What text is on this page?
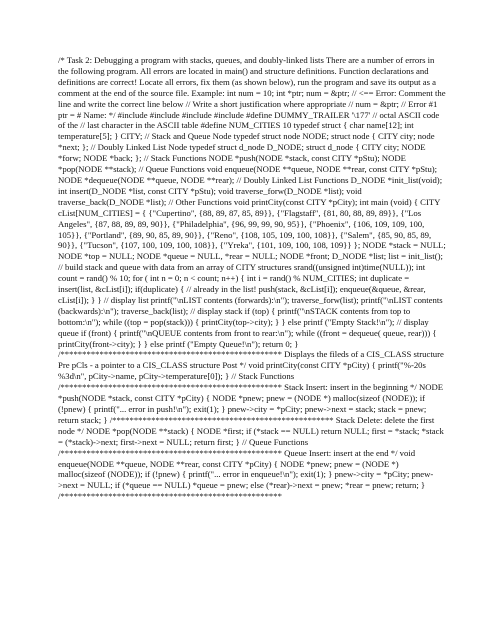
/* Task 2: Debugging a program with stacks, queues, and doubly-linked lists There are a number of errors in the following program. All errors are located in main() and structure definitions. Function declarations and definitions are correct! Locate all errors, fix them (as shown below), run the program and save its output as a comment at the end of the source file. Example: int num = 10; int *ptr; num = &ptr; // <== Error: Comment the line and write the correct line below // Write a short justification where appropriate // num = &ptr; // Error #1 ptr = # Name: */ #include #include #include #include #define DUMMY_TRAILER '\177' // octal ASCII code of the // last character in the ASCII table #define NUM_CITIES 10 typedef struct { char name[12]; int temperature[5]; } CITY; // Stack and Queue Node typedef struct node NODE; struct node { CITY city; node *next; }; // Doubly Linked List Node typedef struct d_node D_NODE; struct d_node { CITY city; NODE *forw; NODE *back; }; // Stack Functions NODE *push(NODE *stack, const CITY *pStu); NODE *pop(NODE **stack); // Queue Functions void enqueue(NODE **queue, NODE **rear, const CITY *pStu); NODE *dequeue(NODE **queue, NODE **rear); // Doubly Linked List Functions D_NODE *init_list(void); int insert(D_NODE *list, const CITY *pStu); void traverse_forw(D_NODE *list); void traverse_back(D_NODE *list); // Other Functions void printCity(const CITY *pCity); int main (void) { CITY cList[NUM_CITIES] = { {"Cupertino", {88, 89, 87, 85, 89}}, {"Flagstaff", {81, 80, 88, 89, 89}}, {"Los Angeles", {87, 88, 89, 89, 90}}, {"Philadelphia", {96, 99, 99, 90, 95}}, {"Phoenix", {106, 109, 109, 100, 105}}, {"Portland", {89, 90, 85, 89, 90}}, {"Reno", {108, 105, 109, 100, 108}}, {"Salem", {85, 90, 85, 89, 90}}, {"Tucson", {107, 100, 109, 100, 108}}, {"Yreka", {101, 109, 100, 108, 109}} }; NODE *stack = NULL; NODE *top = NULL; NODE *queue = NULL, *rear = NULL; NODE *front; D_NODE *list; list = init_list(); // build stack and queue with data from an array of CITY structures srand((unsigned int)time(NULL)); int count = rand() % 10; for ( int n = 0; n < count; n++) { int i = rand() % NUM_CITIES; int duplicate = insert(list, &cList[i]); if(duplicate) { // already in the list! push(stack, &cList[i]); enqueue(&queue, &rear, cList[i]); } } // display list printf("\nLIST contents (forwards):\n"); traverse_forw(list); printf("\nLIST contents (backwards):\n"); traverse_back(list); // display stack if (top) { printf("\nSTACK contents from top to bottom:\n"); while ((top = pop(stack))) { printCity(top->city); } } else printf ("Empty Stack!\n"); // display queue if (front) { printf("\nQUEUE contents from front to rear:\n"); while ((front = dequeue( queue, rear))) { printCity(front->city); } } else printf ("Empty Queue!\n"); return 0; } /*************************************************** Displays the fileds of a CIS_CLASS structure Pre pCls - a pointer to a CIS_CLASS structure Post */ void printCity(const CITY *pCity) { printf("%-20s %3d\n", pCity->name, pCity->temperature[0]); } // Stack Functions /*************************************************** Stack Insert: insert in the beginning */ NODE *push(NODE *stack, const CITY *pCity) { NODE *pnew; pnew = (NODE *) malloc(sizeof (NODE)); if (!pnew) { printf("... error in push!\n"); exit(1); } pnew->city = *pCity; pnew->next = stack; stack = pnew; return stack; } /*************************************************** Stack Delete: delete the first node */ NODE *pop(NODE **stack) { NODE *first; if (*stack == NULL) return NULL; first = *stack; *stack = (*stack)->next; first->next = NULL; return first; } // Queue Functions /*************************************************** Queue Insert: insert at the end */ void enqueue(NODE **queue, NODE **rear, const CITY *pCity) { NODE *pnew; pnew = (NODE *) malloc(sizeof (NODE)); if (!pnew) { printf("... error in enqueue!\n"); exit(1); } pnew->city = *pCity; pnew->next = NULL; if (*queue == NULL) *queue = pnew; else (*rear)->next = pnew; *rear = pnew; return; } /***************************************************
